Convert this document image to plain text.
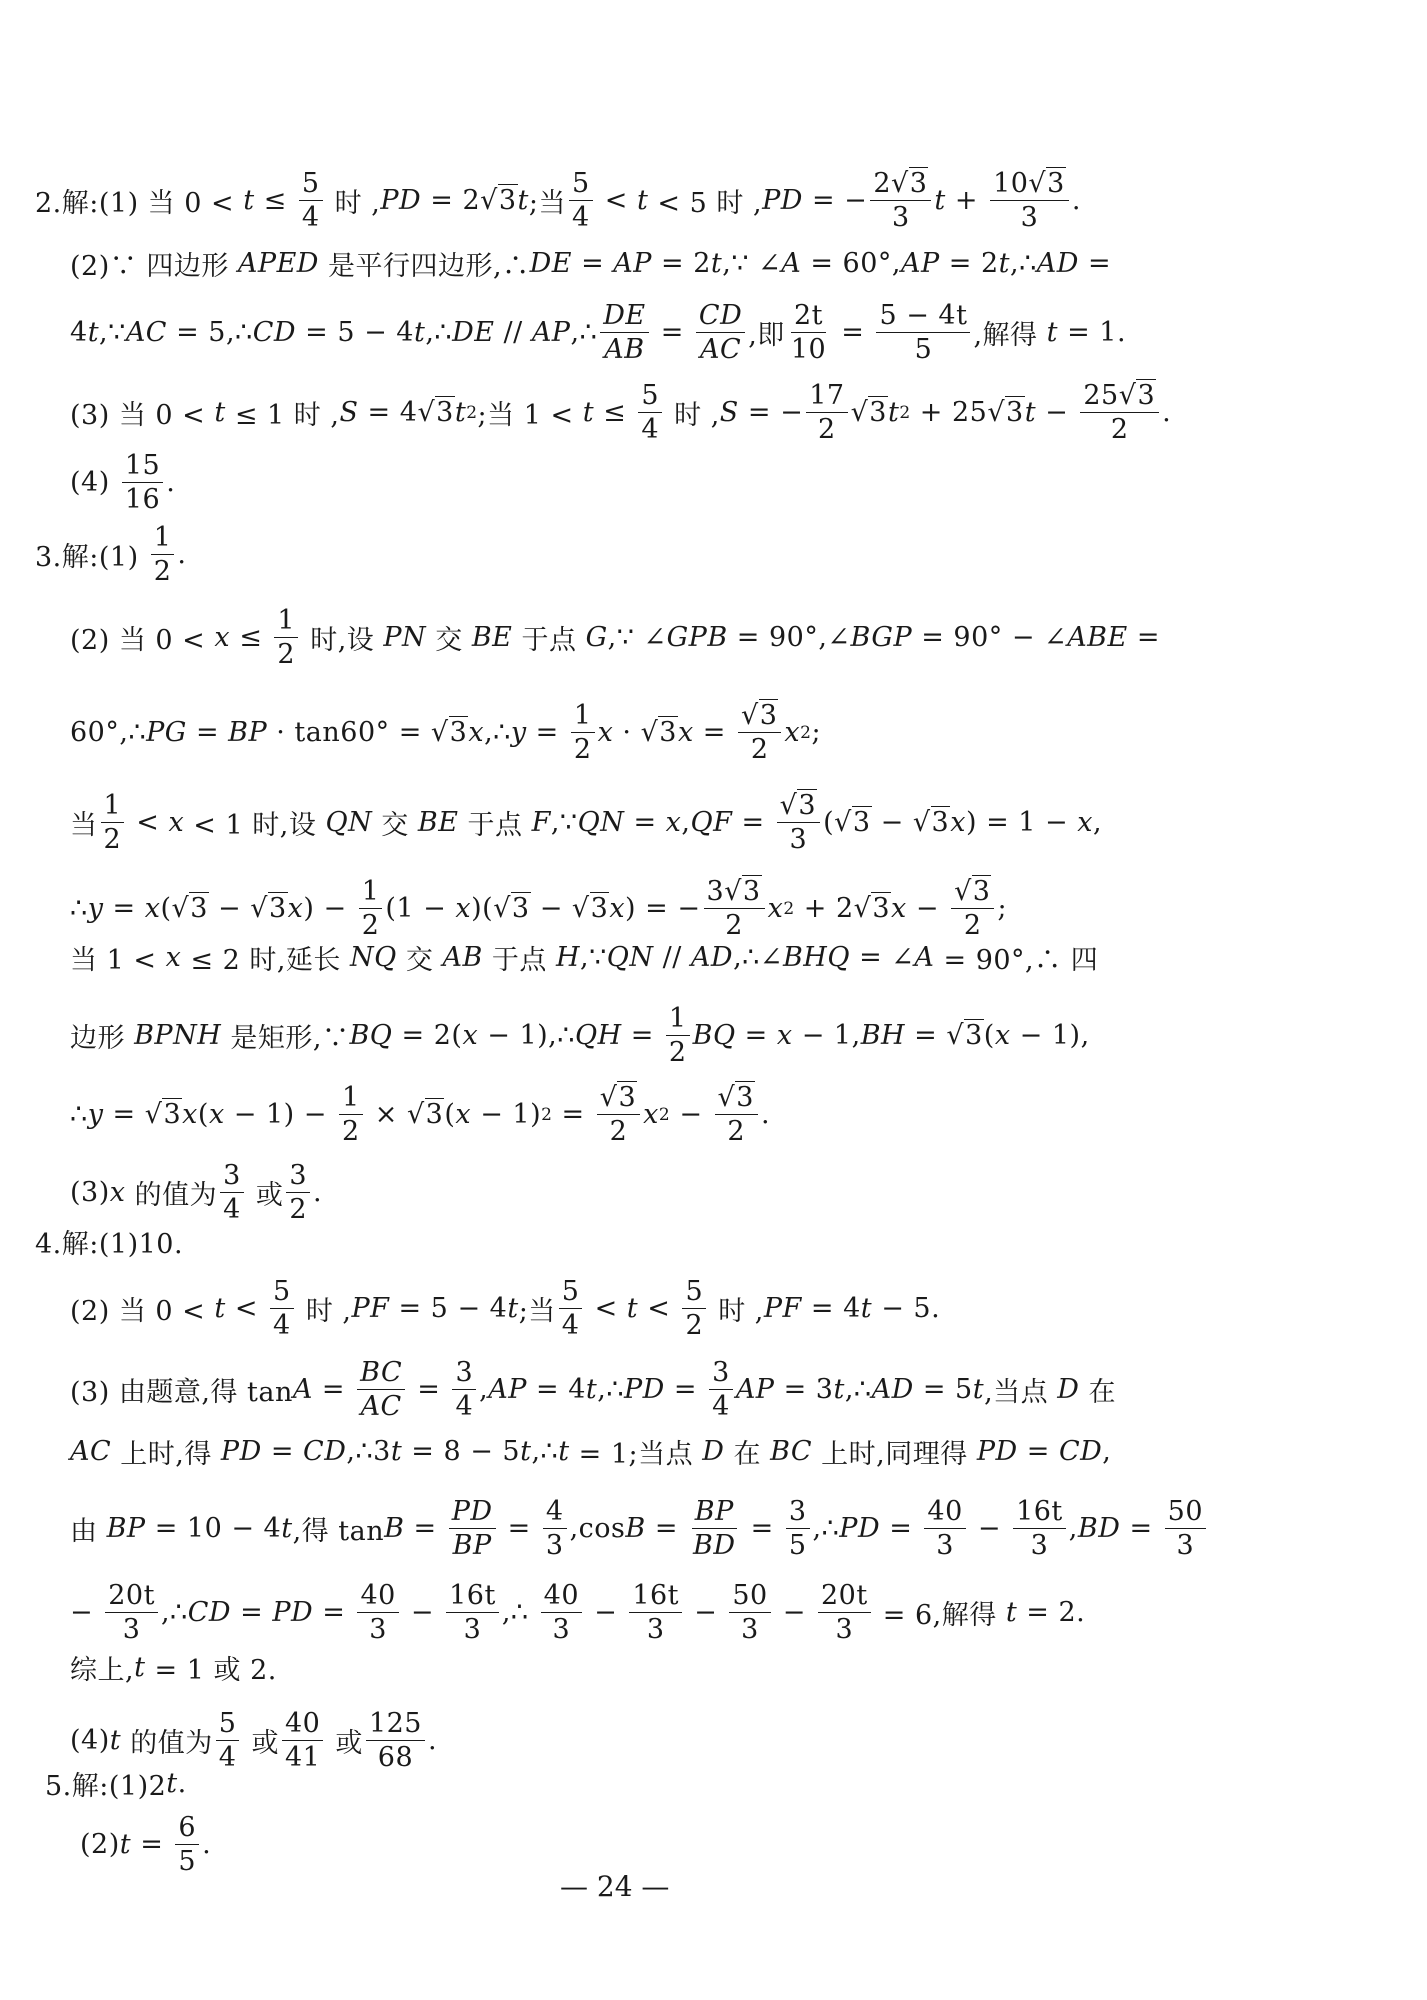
2.解:(1) 当 $0 < t \le \frac{5}{4}$ 时 , PD = 2 √3 t ;当 $\frac{5}{4} < t < 5$ 时 , PD = − $\frac{2√3}{3}$ $t + \frac{10√3}{3}$ .
(2)∵ 四边形 APED 是平行四边形,∴ DE = AP = 2 t ,∵ ∠ A = 60°, AP = 2 t ,∴ AD =
4 t ,∵ AC = 5,∴ CD = 5 − 4 t ,∴ DE // AP ,∴ $\frac{DE}{AB} = \frac{CD}{AC}$ ,即 $\frac{2t}{10} = \frac{5 - 4t}{5}$ ,解得 t = 1.
(3) 当 0 < t ≤ 1 时 , S = 4 √3 t 2 ;当 $1 < t \le \frac{5}{4}$ 时 , S = − $\frac{17}{2} √3$ t 2 + 25 √3 $t - \frac{25√3}{2}$ .
$(4) \frac{15}{16}$ .
3.解:(1) $\frac{1}{2}$ .
(2) 当 $0 < x \le \frac{1}{2}$ 时,设 PN 交 BE 于点 G ,∵ ∠ GPB = 90°,∠ BGP = 90° − ∠ ABE =
60°,∴ PG = BP · tan60° = √3 x ,∴ $y = \frac{1}{2}$ x · √3 $x = \frac{√3}{2}$ x 2 ;
当 $\frac{1}{2} < x < 1$ 时,设 QN 交 BE 于点 F ,∵ QN = x , QF = $\frac{√3}{3}$ ( √3 − √3 x ) = 1 − x ,
∴ y = x ( √3 − √3 x ) − $\frac{1}{2} (1 - x$ )( √3 − √3 x ) = − $\frac{3√3}{2}$ x 2 + 2 √3 $x - \frac{√3}{2}$ ;
当 1 < x ≤ 2 时,延长 NQ 交 AB 于点 H ,∵ QN // AD ,∴∠ BHQ = ∠ A = 90°,∴ 四
边形 BPNH 是矩形,∵ BQ = 2( x − 1),∴ QH = $\frac{1}{2}$ BQ = x − 1, BH = √3 ( x − 1),
∴ y = √3 x ( $x - 1) - \frac{1}{2} \times √3$ ( x − 1) $2 = \frac{√3}{2}$ x $2 - \frac{√3}{2}$ .
(3) x 的值为 $\frac{3}{4}$ 或 $\frac{3}{2}$ .
4.解:(1)10.
(2) 当 $0 < t < \frac{5}{4}$ 时 , PF = 5 − 4 t ;当 $\frac{5}{4} < t < \frac{5}{2}$ 时 , PF = 4 t − 5.
(3) 由题意,得 $\tan A = \frac{BC}{AC} = \frac{3}{4}$ , AP = 4 t ,∴ PD = $\frac{3}{4}$ AP = 3 t ,∴ AD = 5 t ,当点 D 在
AC 上时,得 PD = CD ,∴3 t = 8 − 5 t ,∴ t = 1;当点 D 在 BC 上时,同理得 PD = CD ,
由 BP = 10 − 4 t ,得 $\tan B = \frac{PD}{BP} = \frac{4}{3} ,\cos$ $B = \frac{BP}{BD} = \frac{3}{5}$ ,∴ PD = $\frac{40}{3} - \frac{16t}{3}$ , BD = $\frac{50}{3}$
− $\frac{20t}{3}$ ,∴ CD = PD = $\frac{40}{3} - \frac{16t}{3}$ ,∴ $\frac{40}{3} - \frac{16t}{3} - \frac{50}{3} - \frac{20t}{3} = 6$,解得 t = 2.
综上, t = 1 或 2.
(4) t 的值为 $\frac{5}{4}$ 或 $\frac{40}{41}$ 或 $\frac{125}{68}$ .
5.解:(1)2 t .
(2) $t = \frac{6}{5}$ .
— 24 —
